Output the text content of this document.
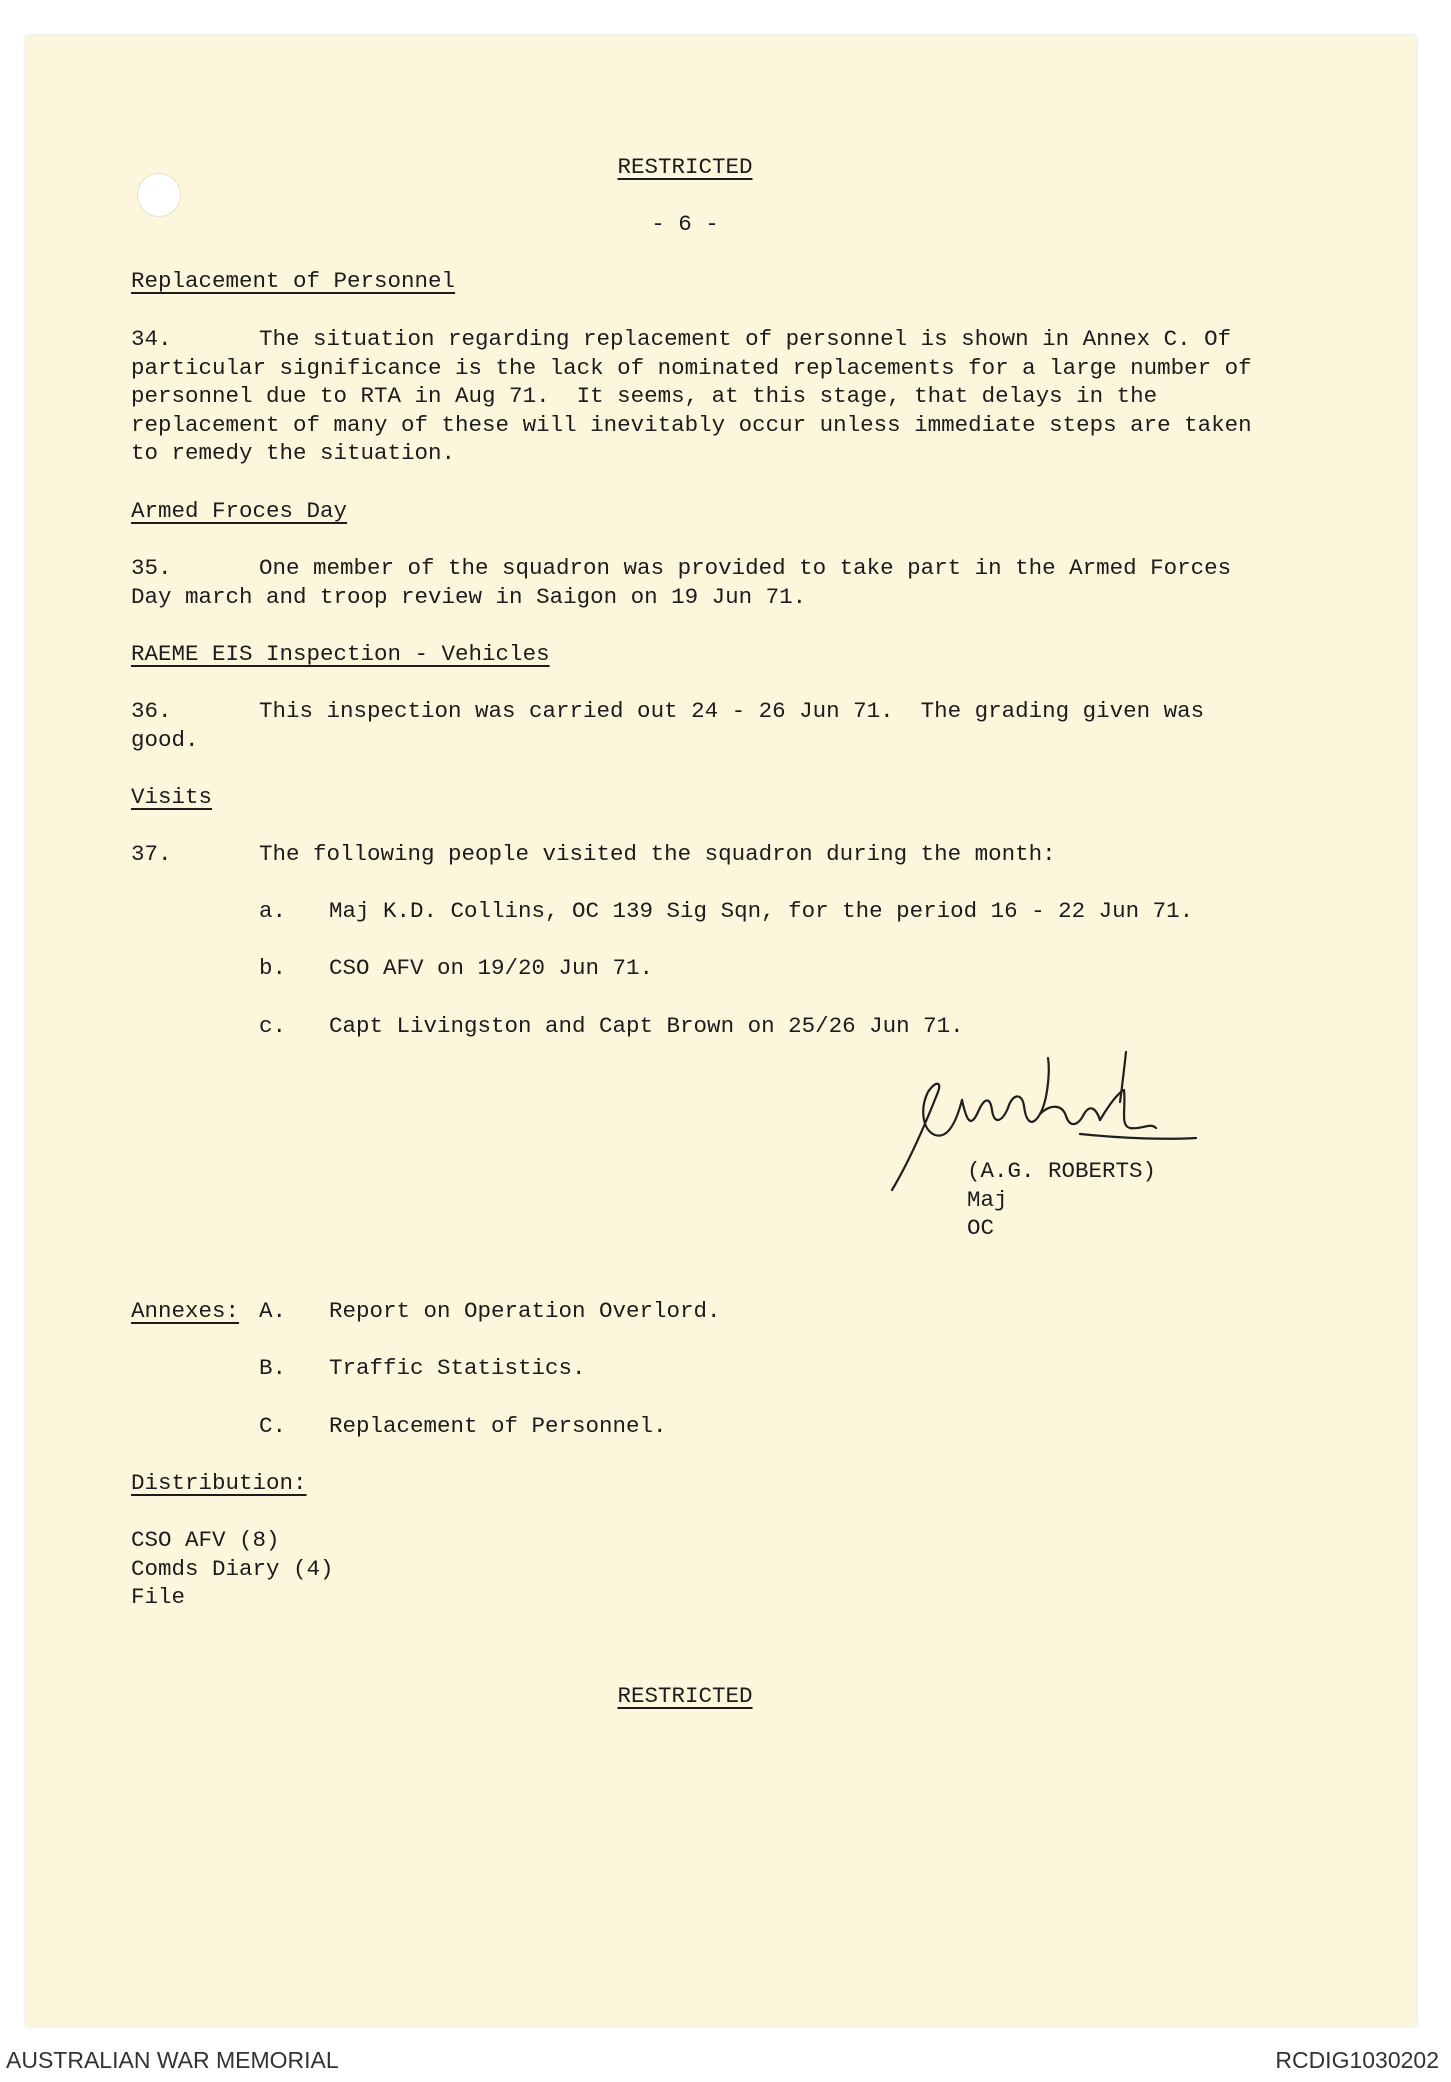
RESTRICTED
- 6 -
Replacement of Personnel
34.	The situation regarding replacement of personnel is shown in Annex C. Of
particular significance is the lack of nominated replacements for a large number of
personnel due to RTA in Aug 71.  It seems, at this stage, that delays in the
replacement of many of these will inevitably occur unless immediate steps are taken
to remedy the situation.
Armed Froces Day
35.	One member of the squadron was provided to take part in the Armed Forces
Day march and troop review in Saigon on 19 Jun 71.
RAEME EIS Inspection - Vehicles
36.	This inspection was carried out 24 - 26 Jun 71.  The grading given was
good.
Visits
37.	The following people visited the squadron during the month:
a. Maj K.D. Collins, OC 139 Sig Sqn, for the period 16 - 22 Jun 71.
b. CSO AFV on 19/20 Jun 71.
c. Capt Livingston and Capt Brown on 25/26 Jun 71.
(A.G. ROBERTS)
Maj
OC
Annexes: A. Report on Operation Overlord.
B. Traffic Statistics.
C. Replacement of Personnel.
Distribution:
CSO AFV (8)
Comds Diary (4)
File
RESTRICTED
AUSTRALIAN WAR MEMORIAL	RCDIG1030202
